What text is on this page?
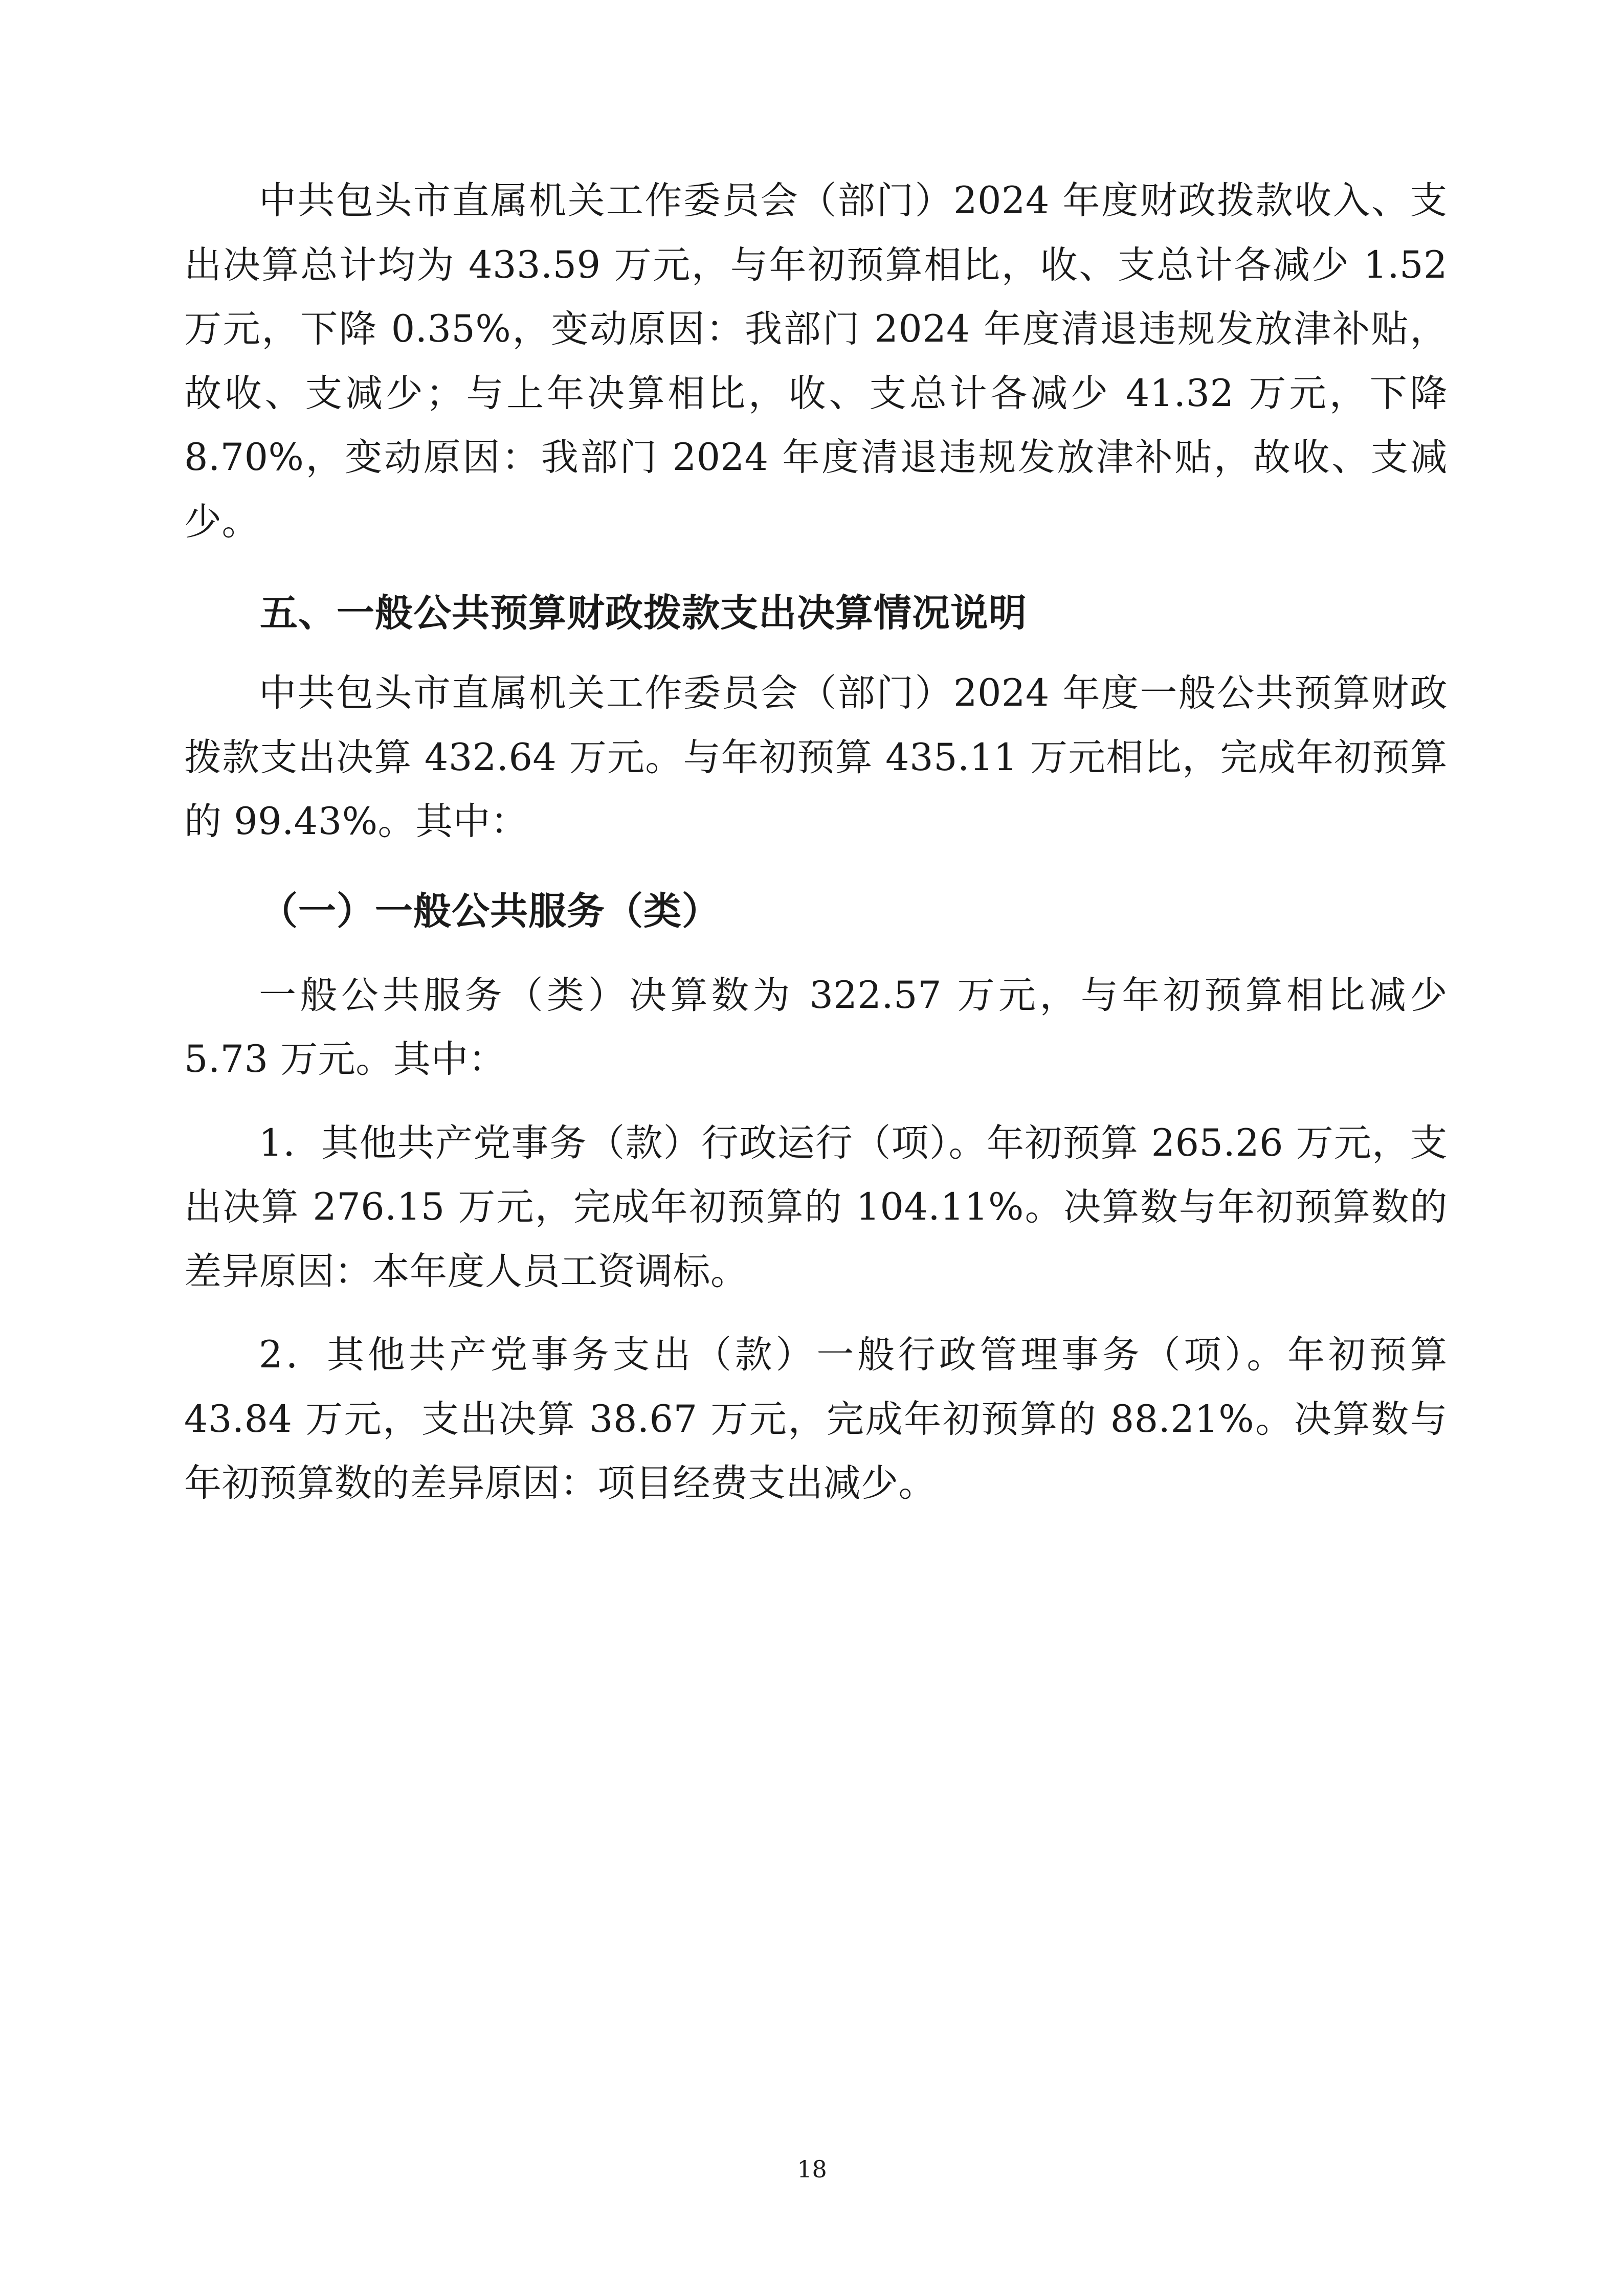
中共包头市直属机关工作委员会（部门）2024 年度财政拨款收入、支出决算总计均为 433.59 万元，与年初预算相比，收、支总计各减少 1.52 万元，下降 0.35%，变动原因：我部门 2024 年度清退违规发放津补贴，故收、支减少；与上年决算相比，收、支总计各减少 41.32 万元，下降 8.70%，变动原因：我部门 2024 年度清退违规发放津补贴，故收、支减少。

五、一般公共预算财政拨款支出决算情况说明

中共包头市直属机关工作委员会（部门）2024 年度一般公共预算财政拨款支出决算 432.64 万元。与年初预算 435.11 万元相比，完成年初预算的 99.43%。其中：

（一）一般公共服务（类）

一般公共服务（类）决算数为 322.57 万元，与年初预算相比减少 5.73 万元。其中：

1．其他共产党事务（款）行政运行（项）。年初预算 265.26 万元，支出决算 276.15 万元，完成年初预算的 104.11%。决算数与年初预算数的差异原因：本年度人员工资调标。

2．其他共产党事务支出（款）一般行政管理事务（项）。年初预算 43.84 万元，支出决算 38.67 万元，完成年初预算的 88.21%。决算数与年初预算数的差异原因：项目经费支出减少。

18
